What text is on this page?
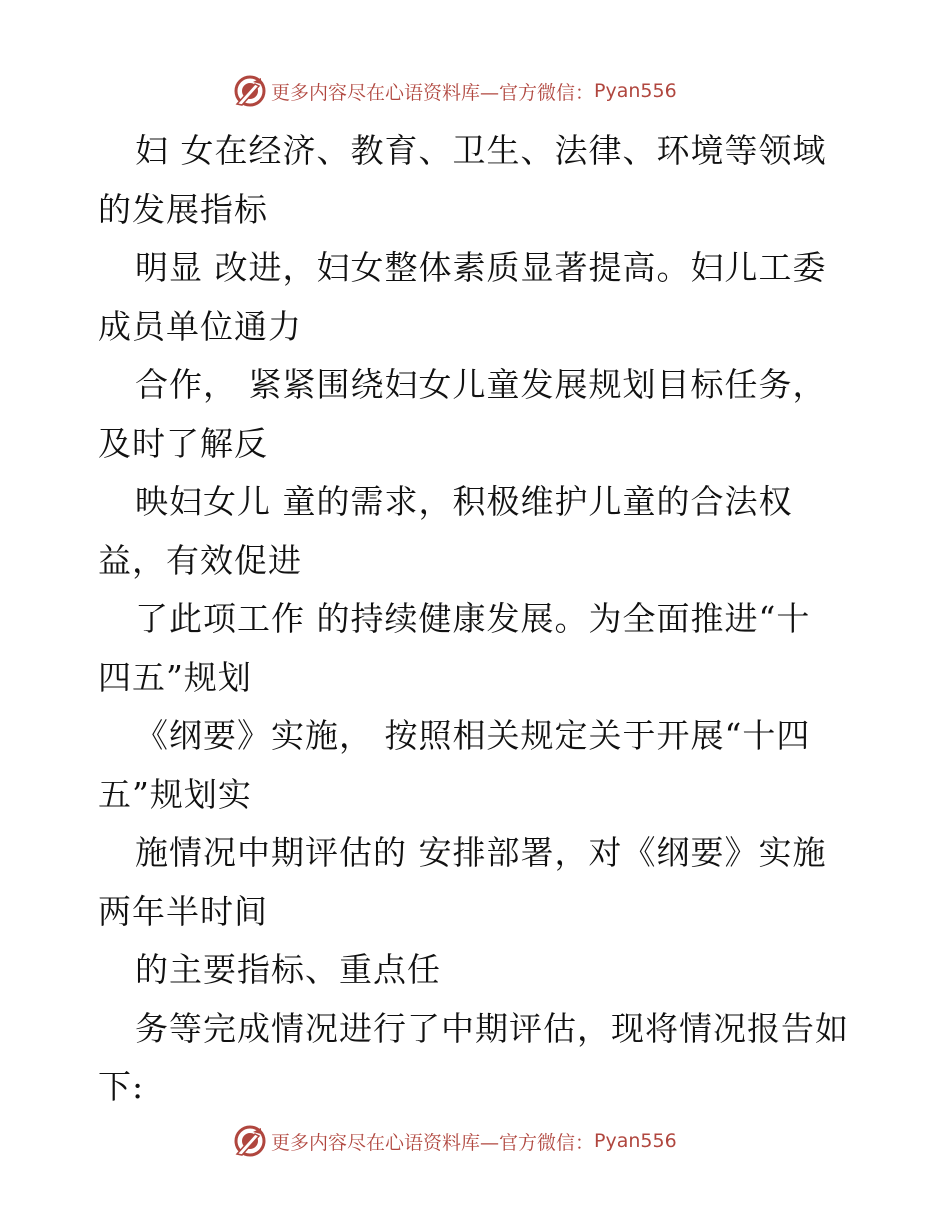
更多内容尽在心语资料库—官方微信： Pyan556
妇 女在经济、教育、卫生、法律、环境等领域
的发展指标
明显 改进，妇女整体素质显著提高。妇儿工委
成员单位通力
合作， 紧紧围绕妇女儿童发展规划目标任务，
及时了解反
映妇女儿 童的需求，积极维护儿童的合法权
益，有效促进
了此项工作 的持续健康发展。为全面推进“十
四五”规划
《纲要》实施， 按照相关规定关于开展“十四
五”规划实
施情况中期评估的 安排部署，对《纲要》实施
两年半时间
的主要指标、重点任
务等完成情况进行了中期评估，现将情况报告如
下:
更多内容尽在心语资料库—官方微信： Pyan556
